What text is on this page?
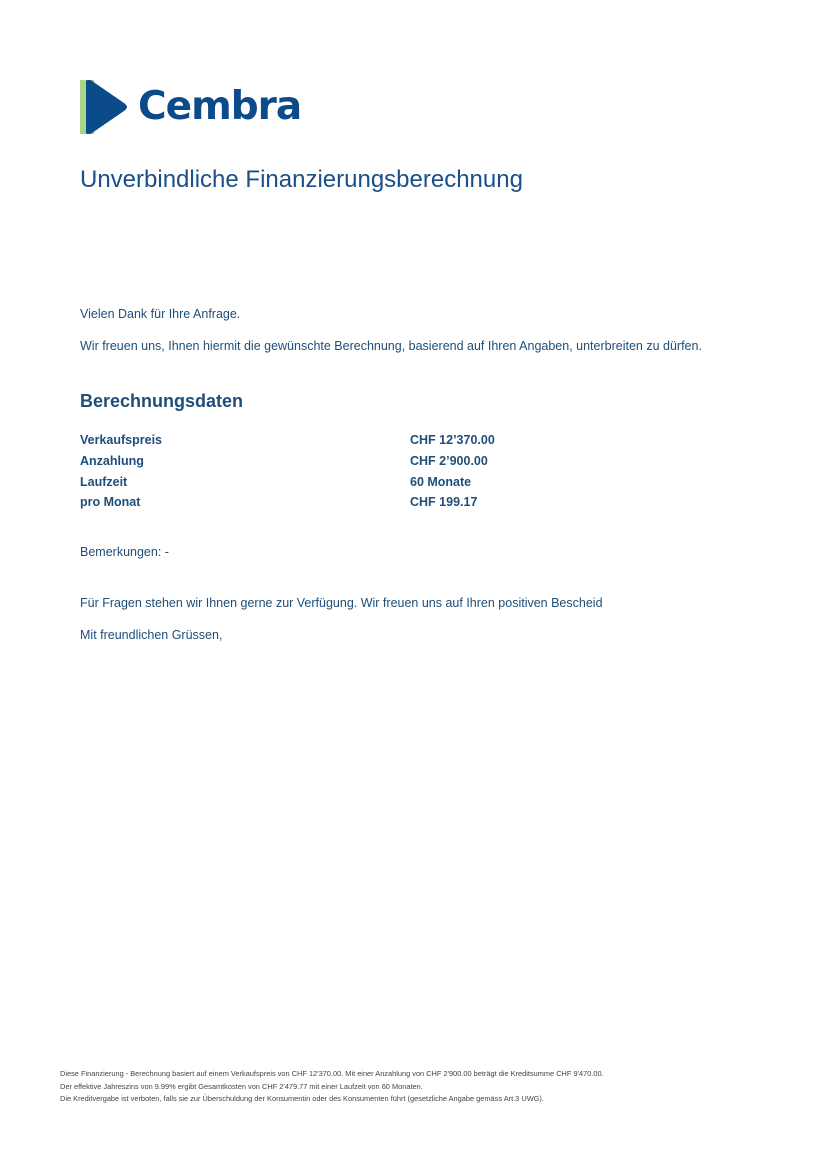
Cembra
Unverbindliche Finanzierungsberechnung
Vielen Dank für Ihre Anfrage.
Wir freuen uns, Ihnen hiermit die gewünschte Berechnung, basierend auf Ihren Angaben, unterbreiten zu dürfen.
Berechnungsdaten
Verkaufspreis	CHF 12’370.00
Anzahlung	CHF 2’900.00
Laufzeit	60 Monate
pro Monat	CHF 199.17
Bemerkungen: -
Für Fragen stehen wir Ihnen gerne zur Verfügung. Wir freuen uns auf Ihren positiven Bescheid
Mit freundlichen Grüssen,
Diese Finanzierung - Berechnung basiert auf einem Verkaufspreis von CHF 12'370.00. Mit einer Anzahlung von CHF 2'900.00 beträgt die Kreditsumme CHF 9'470.00.
Der effektive Jahreszins von 9.99% ergibt Gesamtkosten von CHF 2'479.77 mit einer Laufzeit von 60 Monaten.
Die Kreditvergabe ist verboten, falls sie zur Überschuldung der Konsumentin oder des Konsumenten führt (gesetzliche Angabe gemäss Art.3 UWG).
